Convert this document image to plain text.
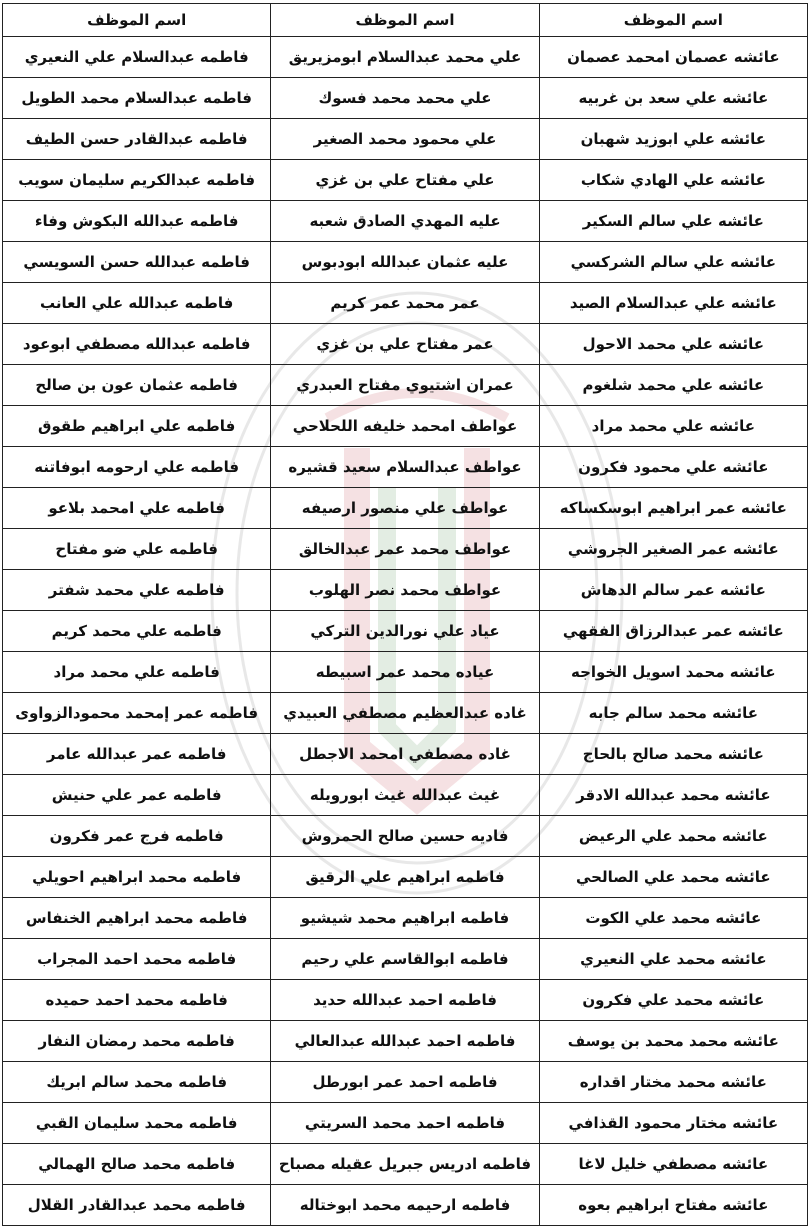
اسم الموظف	اسم الموظف	اسم الموظف
عائشه عصمان امحمد عصمان	علي محمد عبدالسلام ابومزيريق	فاطمه عبدالسلام علي النعيري
عائشه علي سعد بن غربيه	علي محمد محمد فسوك	فاطمه عبدالسلام محمد الطويل
عائشه علي ابوزيد شهبان	علي محمود محمد الصغير	فاطمه عبدالقادر حسن الطيف
عائشه علي الهادي شكاب	علي مفتاح علي بن غزي	فاطمه عبدالكريم سليمان سويب
عائشه علي سالم السكير	عليه المهدي الصادق شعبه	فاطمه عبدالله البكوش وفاء
عائشه علي سالم الشركسي	عليه عثمان عبدالله ابودبوس	فاطمه عبدالله حسن السويسي
عائشه علي عبدالسلام الصيد	عمر محمد عمر كريم	فاطمه عبدالله علي العانب
عائشه علي محمد الاحول	عمر مفتاح علي بن غزي	فاطمه عبدالله مصطفي ابوعود
عائشه علي محمد شلغوم	عمران اشتيوي مفتاح العبدري	فاطمه عثمان عون بن صالح
عائشه علي محمد مراد	عواطف امحمد خليفه اللحلاحي	فاطمه علي ابراهيم طقوق
عائشه علي محمود فكرون	عواطف عبدالسلام سعيد قشيره	فاطمه علي ارحومه ابوفاتنه
عائشه عمر ابراهيم ابوسكساكه	عواطف علي منصور ارصيفه	فاطمه علي امحمد بلاعو
عائشه عمر الصغير الجروشي	عواطف محمد عمر عبدالخالق	فاطمه علي ضو مفتاح
عائشه عمر سالم الدهاش	عواطف محمد نصر الهلوب	فاطمه علي محمد شفتر
عائشه عمر عبدالرزاق الفقهي	عياد علي نورالدين التركي	فاطمه علي محمد كريم
عائشه محمد اسويل الخواجه	عياده محمد عمر اسبيطه	فاطمه علي محمد مراد
عائشه محمد سالم جابه	غاده عبدالعظيم مصطفي العبيدي	فاطمه عمر إمحمد محمودالزواوى
عائشه محمد صالح بالحاج	غاده مصطفي امحمد الاجطل	فاطمه عمر عبدالله عامر
عائشه محمد عبدالله الادقر	غيث عبدالله غيث ابورويله	فاطمه عمر علي حنيش
عائشه محمد علي الرعيض	فاديه حسين صالح الحمروش	فاطمه فرج عمر فكرون
عائشه محمد علي الصالحي	فاطمه ابراهيم علي الرقيق	فاطمه محمد ابراهيم احويلي
عائشه محمد علي الكوت	فاطمه ابراهيم محمد شيشيو	فاطمه محمد ابراهيم الخنفاس
عائشه محمد علي النعيري	فاطمه ابوالقاسم علي رحيم	فاطمه محمد احمد المجراب
عائشه محمد علي فكرون	فاطمه احمد عبدالله حديد	فاطمه محمد احمد حميده
عائشه محمد محمد بن يوسف	فاطمه احمد عبدالله عبدالعالي	فاطمه محمد رمضان النفار
عائشه محمد مختار اقداره	فاطمه احمد عمر ابورطل	فاطمه محمد سالم ابريك
عائشه مختار محمود القذافي	فاطمه احمد محمد السريتي	فاطمه محمد سليمان القبي
عائشه مصطفي خليل لاغا	فاطمه ادريس جبريل عقيله مصباح	فاطمه محمد صالح الهمالي
عائشه مفتاح ابراهيم بعوه	فاطمه ارحيمه محمد ابوختاله	فاطمه محمد عبدالقادر القلال
